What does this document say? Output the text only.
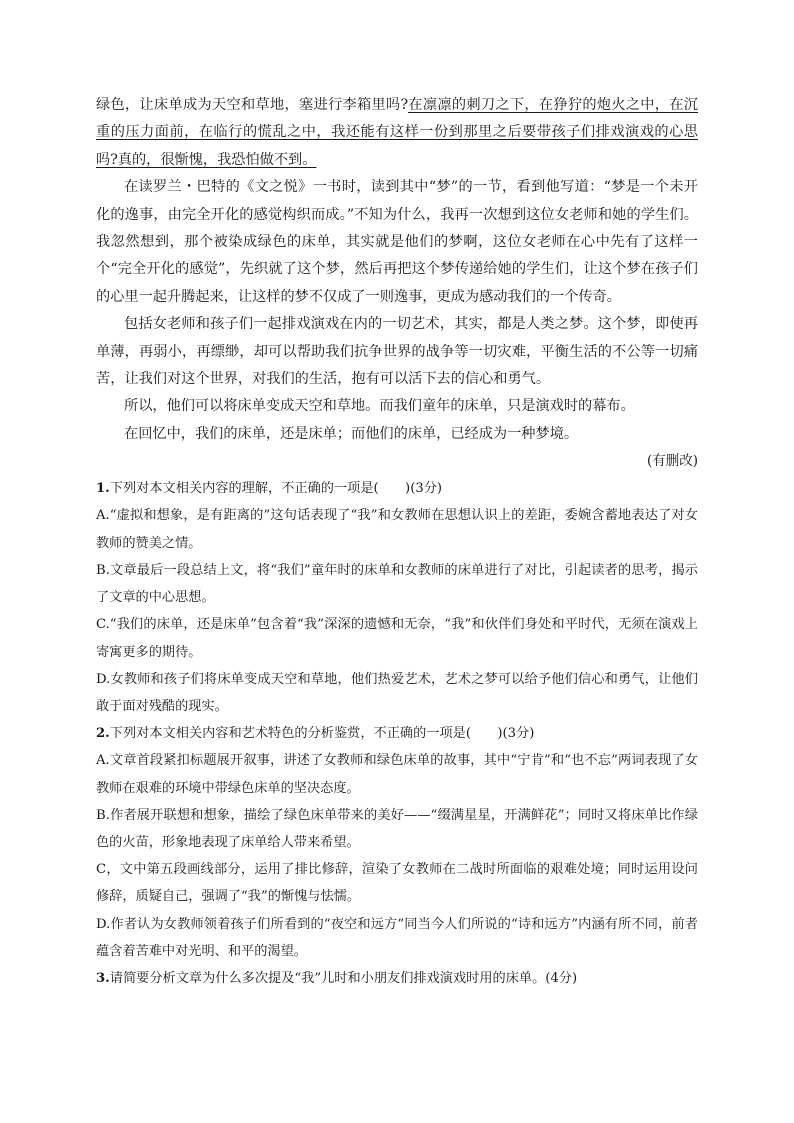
绿色，让床单成为天空和草地，塞进行李箱里吗?在凛凛的刺刀之下，在狰狞的炮火之中，在沉重的压力面前，在临行的慌乱之中，我还能有这样一份到那里之后要带孩子们排戏演戏的心思吗?真的，很惭愧，我恐怕做不到。

在读罗兰・巴特的《文之悦》一书时，读到其中“梦”的一节，看到他写道：“梦是一个未开化的逸事，由完全开化的感觉构织而成。”不知为什么，我再一次想到这位女老师和她的学生们。我忽然想到，那个被染成绿色的床单，其实就是他们的梦啊，这位女老师在心中先有了这样一个“完全开化的感觉”，先织就了这个梦，然后再把这个梦传递给她的学生们，让这个梦在孩子们的心里一起升腾起来，让这样的梦不仅成了一则逸事，更成为感动我们的一个传奇。

包括女老师和孩子们一起排戏演戏在内的一切艺术，其实，都是人类之梦。这个梦，即使再单薄，再弱小，再缥缈，却可以帮助我们抗争世界的战争等一切灾难，平衡生活的不公等一切痛苦，让我们对这个世界，对我们的生活，抱有可以活下去的信心和勇气。

所以，他们可以将床单变成天空和草地。而我们童年的床单，只是演戏时的幕布。

在回忆中，我们的床单，还是床单；而他们的床单，已经成为一种梦境。

(有删改)

1.下列对本文相关内容的理解，不正确的一项是(　　)(3分)

A.“虚拟和想象，是有距离的”这句话表现了“我”和女教师在思想认识上的差距，委婉含蓄地表达了对女教师的赞美之情。

B.文章最后一段总结上文，将“我们”童年时的床单和女教师的床单进行了对比，引起读者的思考，揭示了文章的中心思想。

C.“我们的床单，还是床单”包含着“我”深深的遗憾和无奈，“我”和伙伴们身处和平时代，无须在演戏上寄寓更多的期待。

D.女教师和孩子们将床单变成天空和草地，他们热爱艺术，艺术之梦可以给予他们信心和勇气，让他们敢于面对残酷的现实。

2.下列对本文相关内容和艺术特色的分析鉴赏，不正确的一项是(　　)(3分)

A.文章首段紧扣标题展开叙事，讲述了女教师和绿色床单的故事，其中“宁肯”和“也不忘”两词表现了女教师在艰难的环境中带绿色床单的坚决态度。

B.作者展开联想和想象，描绘了绿色床单带来的美好——“缀满星星，开满鲜花”；同时又将床单比作绿色的火苗，形象地表现了床单给人带来希望。

C，文中第五段画线部分，运用了排比修辞，渲染了女教师在二战时所面临的艰难处境；同时运用设问修辞，质疑自己，强调了“我”的惭愧与怯懦。

D.作者认为女教师领着孩子们所看到的“夜空和远方”同当今人们所说的“诗和远方”内涵有所不同，前者蕴含着苦难中对光明、和平的渴望。

3.请简要分析文章为什么多次提及“我”儿时和小朋友们排戏演戏时用的床单。(4分)
